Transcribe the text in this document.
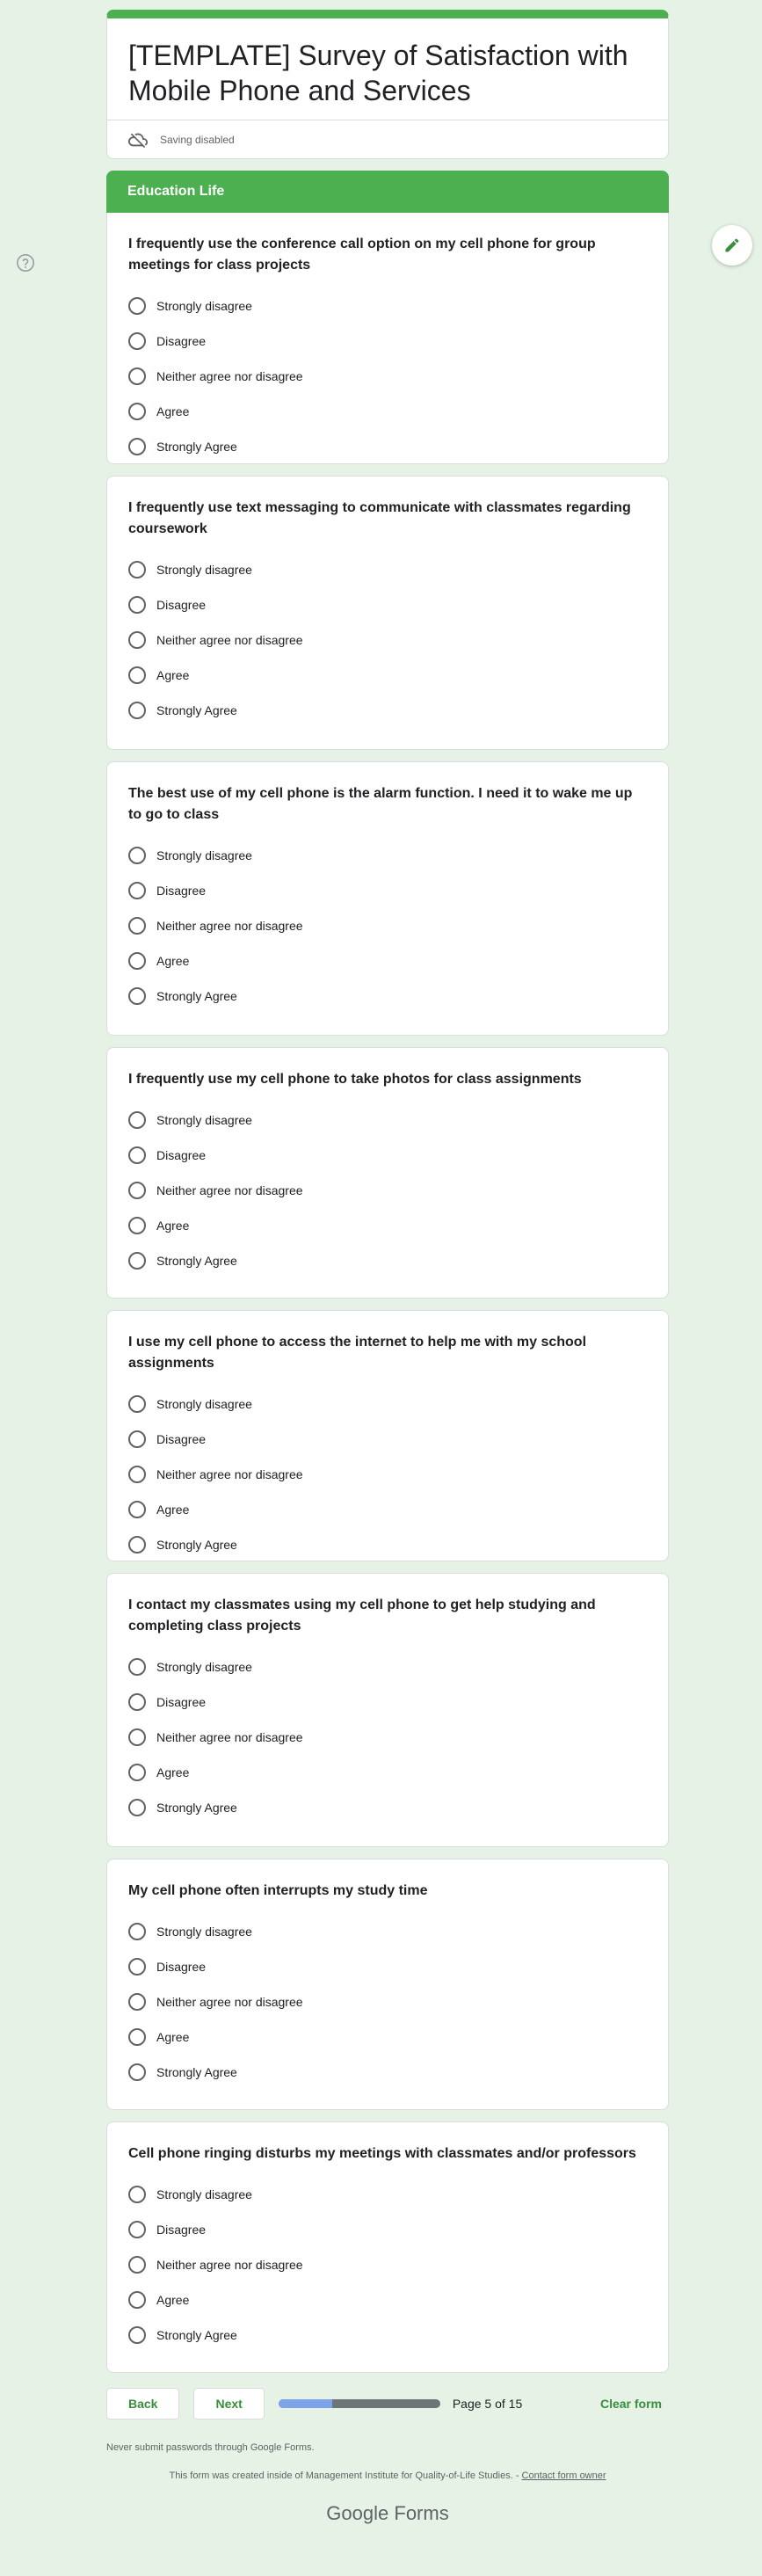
[TEMPLATE] Survey of Satisfaction with Mobile Phone and Services
Saving disabled
Education Life
I frequently use the conference call option on my cell phone for group meetings for class projects
Strongly disagree
Disagree
Neither agree nor disagree
Agree
Strongly Agree
I frequently use text messaging to communicate with classmates regarding coursework
Strongly disagree
Disagree
Neither agree nor disagree
Agree
Strongly Agree
The best use of my cell phone is the alarm function. I need it to wake me up to go to class
Strongly disagree
Disagree
Neither agree nor disagree
Agree
Strongly Agree
I frequently use my cell phone to take photos for class assignments
Strongly disagree
Disagree
Neither agree nor disagree
Agree
Strongly Agree
I use my cell phone to access the internet to help me with my school assignments
Strongly disagree
Disagree
Neither agree nor disagree
Agree
Strongly Agree
I contact my classmates using my cell phone to get help studying and completing class projects
Strongly disagree
Disagree
Neither agree nor disagree
Agree
Strongly Agree
My cell phone often interrupts my study time
Strongly disagree
Disagree
Neither agree nor disagree
Agree
Strongly Agree
Cell phone ringing disturbs my meetings with classmates and/or professors
Strongly disagree
Disagree
Neither agree nor disagree
Agree
Strongly Agree
Back	Next	Page 5 of 15	Clear form
Never submit passwords through Google Forms.
This form was created inside of Management Institute for Quality-of-Life Studies. - Contact form owner
Google Forms
